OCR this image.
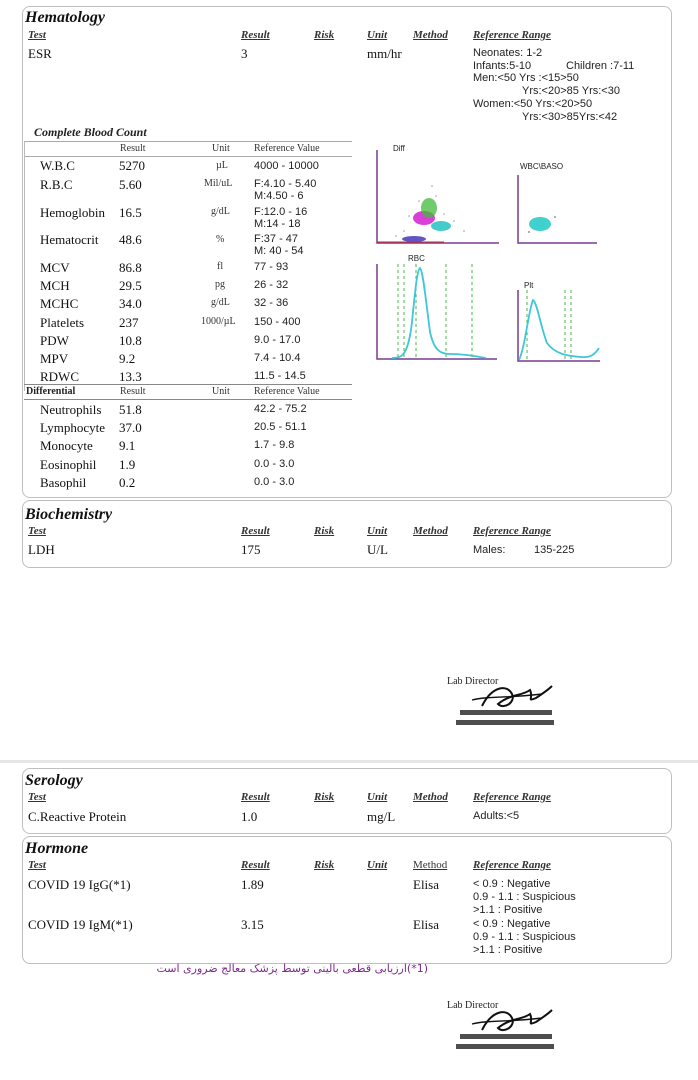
Hematology
Test	Result	Risk	Unit Method Reference Range
ESR	3	mm/hr	Neonates: 1-2
Infants:5-10	Children :7-11
Men:<50 Yrs :<15>50
Yrs:<20>85 Yrs:<30
Women:<50 Yrs:<20>50
Yrs:<30>85Yrs:<42
Complete Blood Count
Result	Unit Reference Value
W.B.C	5270	µL 4000 - 10000
R.B.C	5.60	Mil/uL F:4.10 - 5.40
M:4.50 - 6
Hemoglobin 16.5	g/dL F:12.0 - 16
M:14 - 18
Hematocrit 48.6	%	F:37 - 47
M: 40 - 54
MCV	86.8	fl	77 - 93
MCH	29.5	pg	26 - 32
MCHC	34.0	g/dL 32 - 36
Platelets	237	1000/µL 150 - 400
PDW	10.8	9.0 - 17.0
MPV	9.2	7.4 - 10.4
RDWC	13.3	11.5 - 14.5
Differential	Result	Unit Reference Value
Neutrophils 51.8	42.2 - 75.2
Lymphocyte 37.0	20.5 - 51.1
Monocyte 9.1	1.7 - 9.8
Eosinophil 1.9	0.0 - 3.0
Basophil	0.2	0.0 - 3.0
Diff
WBC\BASO
RBC
Plt
Biochemistry
Test	Result	Risk	Unit Method Reference Range
LDH	175	U/L	Males:	135-225
Lab Director
Serology
Test	Result	Risk	Unit Method Reference Range
C.Reactive Protein	1.0	mg/L	Adults:<5
Hormone
Test	Result	Risk	Unit Method Reference Range
COVID 19 IgG(*1)	1.89	Elisa	< 0.9 : Negative
0.9 - 1.1 : Suspicious
>1.1 : Positive
COVID 19 IgM(*1)	3.15	Elisa	< 0.9 : Negative
0.9 - 1.1 : Suspicious
>1.1 : Positive
(1*)ارزيابی قطعی بالينی توسط پزشک معالج ضروری است
Lab Director
